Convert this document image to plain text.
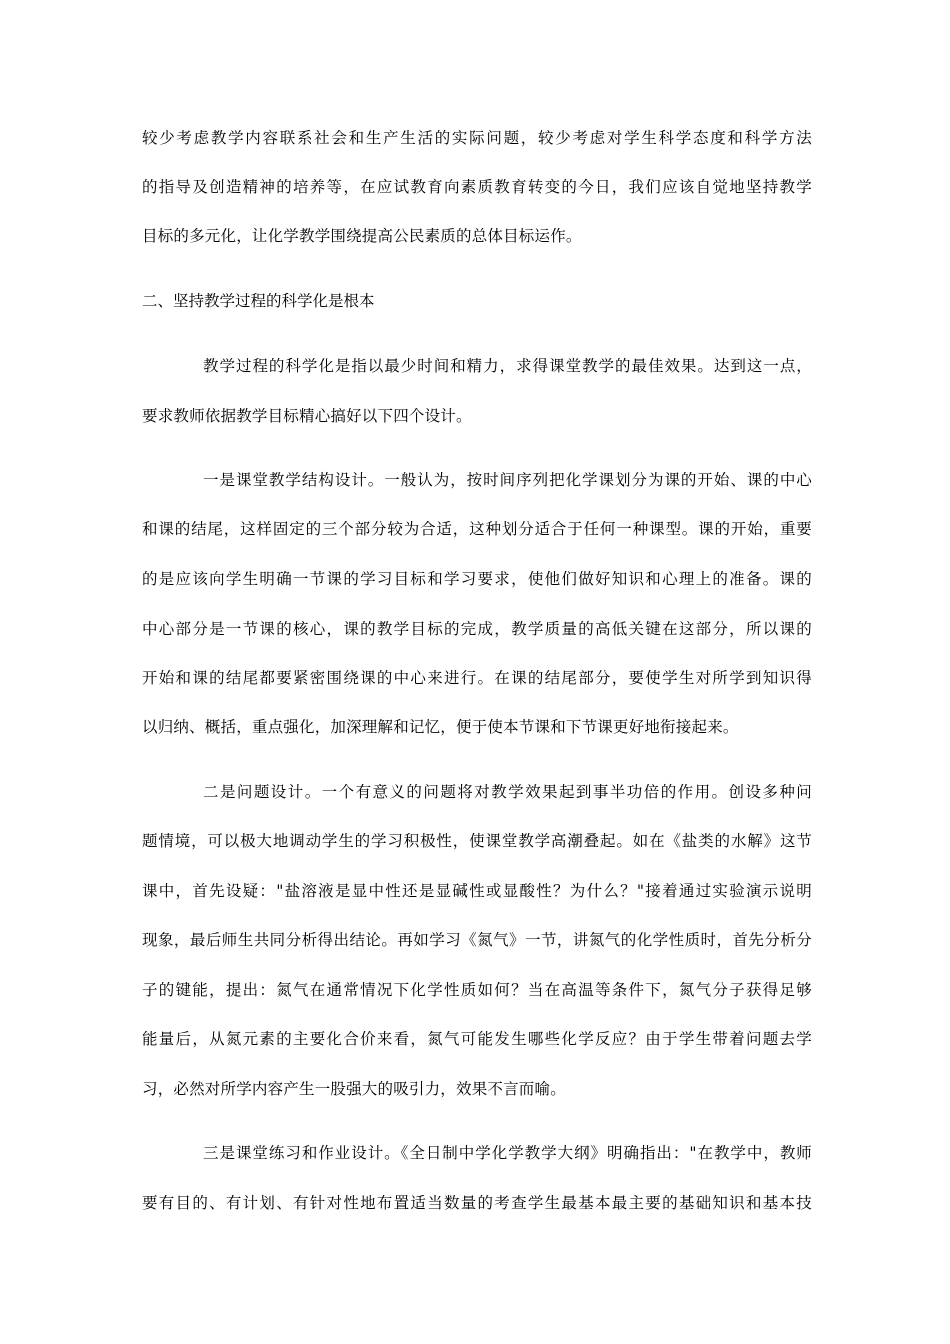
较少考虑教学内容联系社会和生产生活的实际问题，较少考虑对学生科学态度和科学方法
的指导及创造精神的培养等，在应试教育向素质教育转变的今日，我们应该自觉地坚持教学
目标的多元化，让化学教学围绕提高公民素质的总体目标运作。
二、坚持教学过程的科学化是根本
教学过程的科学化是指以最少时间和精力，求得课堂教学的最佳效果。达到这一点，
要求教师依据教学目标精心搞好以下四个设计。
一是课堂教学结构设计。一般认为，按时间序列把化学课划分为课的开始、课的中心
和课的结尾，这样固定的三个部分较为合适，这种划分适合于任何一种课型。课的开始，重要
的是应该向学生明确一节课的学习目标和学习要求，使他们做好知识和心理上的准备。课的
中心部分是一节课的核心，课的教学目标的完成，教学质量的高低关键在这部分，所以课的
开始和课的结尾都要紧密围绕课的中心来进行。在课的结尾部分，要使学生对所学到知识得
以归纳、概括，重点强化，加深理解和记忆，便于使本节课和下节课更好地衔接起来。
二是问题设计。一个有意义的问题将对教学效果起到事半功倍的作用。创设多种问
题情境，可以极大地调动学生的学习积极性，使课堂教学高潮叠起。如在《盐类的水解》这节
课中，首先设疑："盐溶液是显中性还是显碱性或显酸性？为什么？"接着通过实验演示说明
现象，最后师生共同分析得出结论。再如学习《氮气》一节，讲氮气的化学性质时，首先分析分
子的键能，提出：氮气在通常情况下化学性质如何？当在高温等条件下，氮气分子获得足够
能量后，从氮元素的主要化合价来看，氮气可能发生哪些化学反应？由于学生带着问题去学
习，必然对所学内容产生一股强大的吸引力，效果不言而喻。
三是课堂练习和作业设计。《全日制中学化学教学大纲》明确指出："在教学中，教师
要有目的、有计划、有针对性地布置适当数量的考查学生最基本最主要的基础知识和基本技
